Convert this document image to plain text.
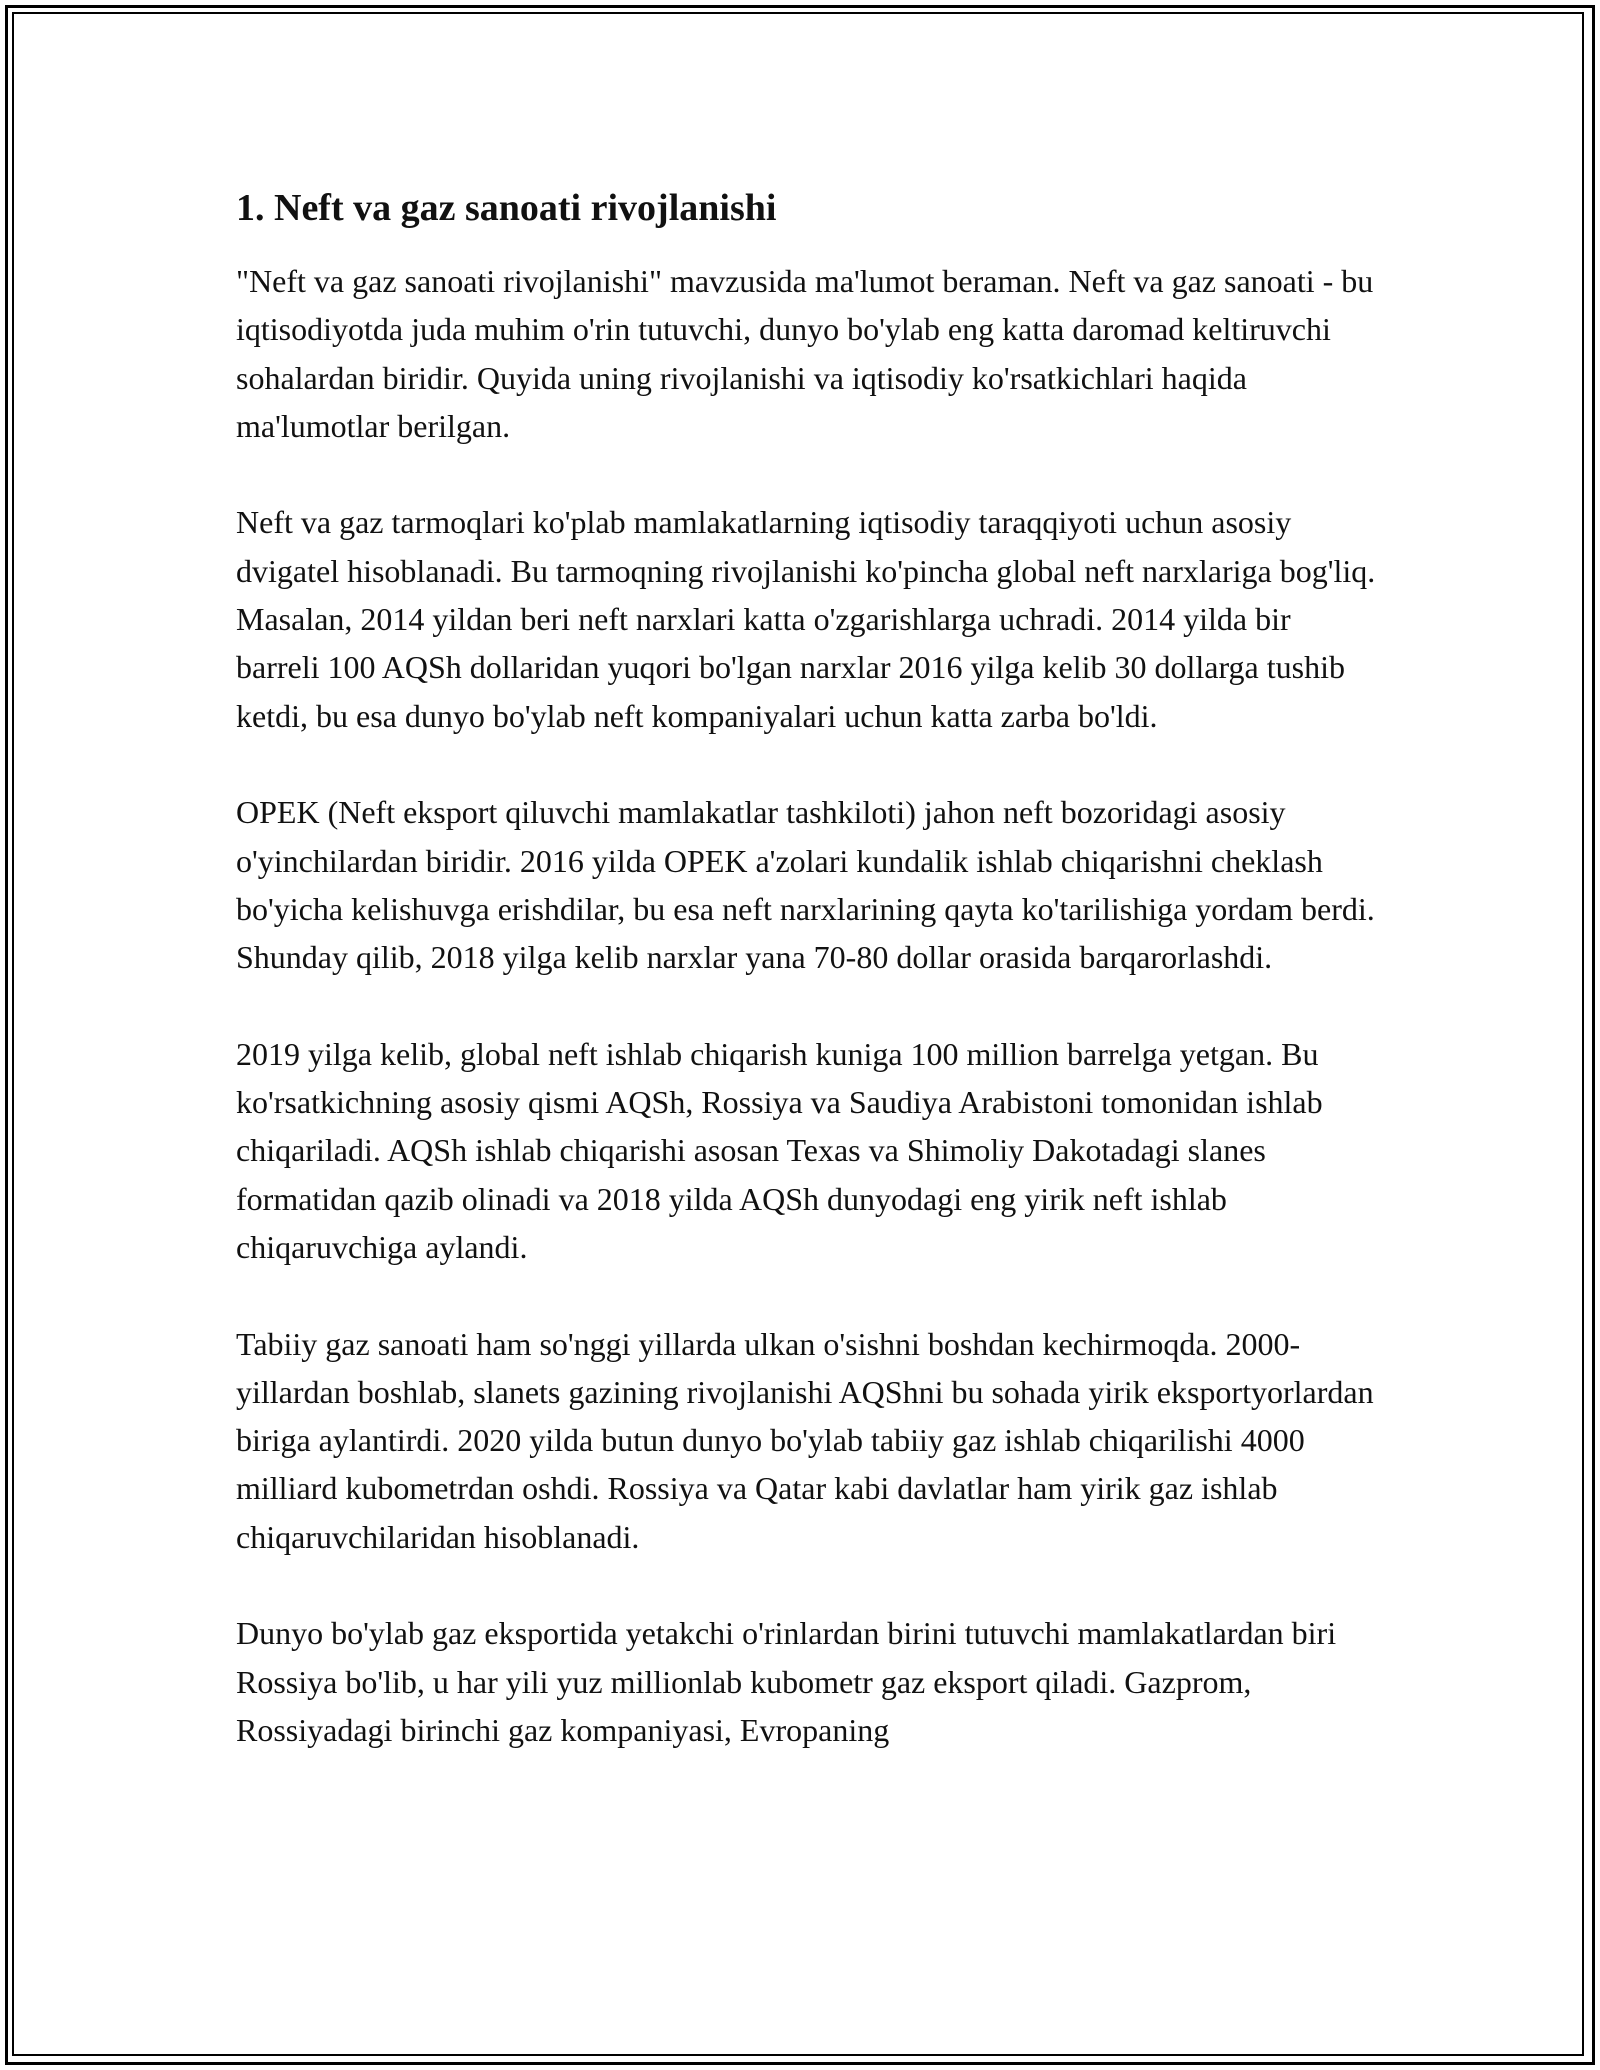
1. Neft va gaz sanoati rivojlanishi

"Neft va gaz sanoati rivojlanishi" mavzusida ma'lumot beraman. Neft va gaz sanoati - bu iqtisodiyotda juda muhim o'rin tutuvchi, dunyo bo'ylab eng katta daromad keltiruvchi sohalardan biridir. Quyida uning rivojlanishi va iqtisodiy ko'rsatkichlari haqida ma'lumotlar berilgan.

Neft va gaz tarmoqlari ko'plab mamlakatlarning iqtisodiy taraqqiyoti uchun asosiy dvigatel hisoblanadi. Bu tarmoqning rivojlanishi ko'pincha global neft narxlariga bog'liq. Masalan, 2014 yildan beri neft narxlari katta o'zgarishlarga uchradi. 2014 yilda bir barreli 100 AQSh dollaridan yuqori bo'lgan narxlar 2016 yilga kelib 30 dollarga tushib ketdi, bu esa dunyo bo'ylab neft kompaniyalari uchun katta zarba bo'ldi.

OPEK (Neft eksport qiluvchi mamlakatlar tashkiloti) jahon neft bozoridagi asosiy o'yinchilardan biridir. 2016 yilda OPEK a'zolari kundalik ishlab chiqarishni cheklash bo'yicha kelishuvga erishdilar, bu esa neft narxlarining qayta ko'tarilishiga yordam berdi. Shunday qilib, 2018 yilga kelib narxlar yana 70-80 dollar orasida barqarorlashdi.

2019 yilga kelib, global neft ishlab chiqarish kuniga 100 million barrelga yetgan. Bu ko'rsatkichning asosiy qismi AQSh, Rossiya va Saudiya Arabistoni tomonidan ishlab chiqariladi. AQSh ishlab chiqarishi asosan Texas va Shimoliy Dakotadagi slanes formatidan qazib olinadi va 2018 yilda AQSh dunyodagi eng yirik neft ishlab chiqaruvchiga aylandi.

Tabiiy gaz sanoati ham so'nggi yillarda ulkan o'sishni boshdan kechirmoqda. 2000-yillardan boshlab, slanets gazining rivojlanishi AQShni bu sohada yirik eksportyorlardan biriga aylantirdi. 2020 yilda butun dunyo bo'ylab tabiiy gaz ishlab chiqarilishi 4000 milliard kubometrdan oshdi. Rossiya va Qatar kabi davlatlar ham yirik gaz ishlab chiqaruvchilaridan hisoblanadi.

Dunyo bo'ylab gaz eksportida yetakchi o'rinlardan birini tutuvchi mamlakatlardan biri Rossiya bo'lib, u har yili yuz millionlab kubometr gaz eksport qiladi. Gazprom, Rossiyadagi birinchi gaz kompaniyasi, Evropaning
